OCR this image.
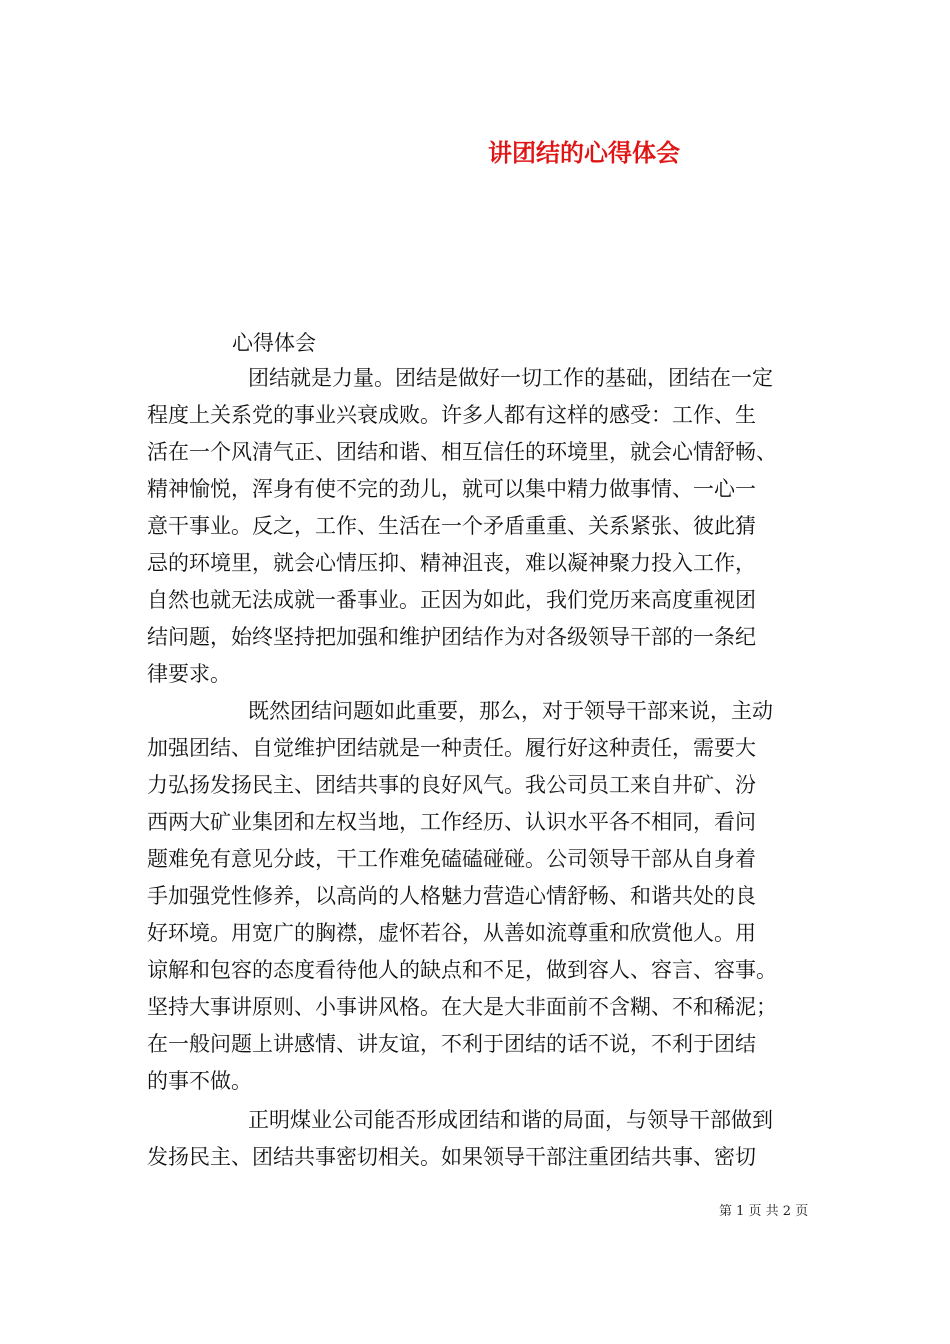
讲团结的心得体会
心得体会
团结就是力量。团结是做好一切工作的基础，团结在一定
程度上关系党的事业兴衰成败。许多人都有这样的感受：工作、生
活在一个风清气正、团结和谐、相互信任的环境里，就会心情舒畅、
精神愉悦，浑身有使不完的劲儿，就可以集中精力做事情、一心一
意干事业。反之，工作、生活在一个矛盾重重、关系紧张、彼此猜
忌的环境里，就会心情压抑、精神沮丧，难以凝神聚力投入工作，
自然也就无法成就一番事业。正因为如此，我们党历来高度重视团
结问题，始终坚持把加强和维护团结作为对各级领导干部的一条纪
律要求。
既然团结问题如此重要，那么，对于领导干部来说，主动
加强团结、自觉维护团结就是一种责任。履行好这种责任，需要大
力弘扬发扬民主、团结共事的良好风气。我公司员工来自井矿、汾
西两大矿业集团和左权当地，工作经历、认识水平各不相同，看问
题难免有意见分歧，干工作难免磕磕碰碰。公司领导干部从自身着
手加强党性修养，以高尚的人格魅力营造心情舒畅、和谐共处的良
好环境。用宽广的胸襟，虚怀若谷，从善如流尊重和欣赏他人。用
谅解和包容的态度看待他人的缺点和不足，做到容人、容言、容事。
坚持大事讲原则、小事讲风格。在大是大非面前不含糊、不和稀泥；
在一般问题上讲感情、讲友谊，不利于团结的话不说，不利于团结
的事不做。
正明煤业公司能否形成团结和谐的局面，与领导干部做到
发扬民主、团结共事密切相关。如果领导干部注重团结共事、密切
第 1 页 共 2 页
